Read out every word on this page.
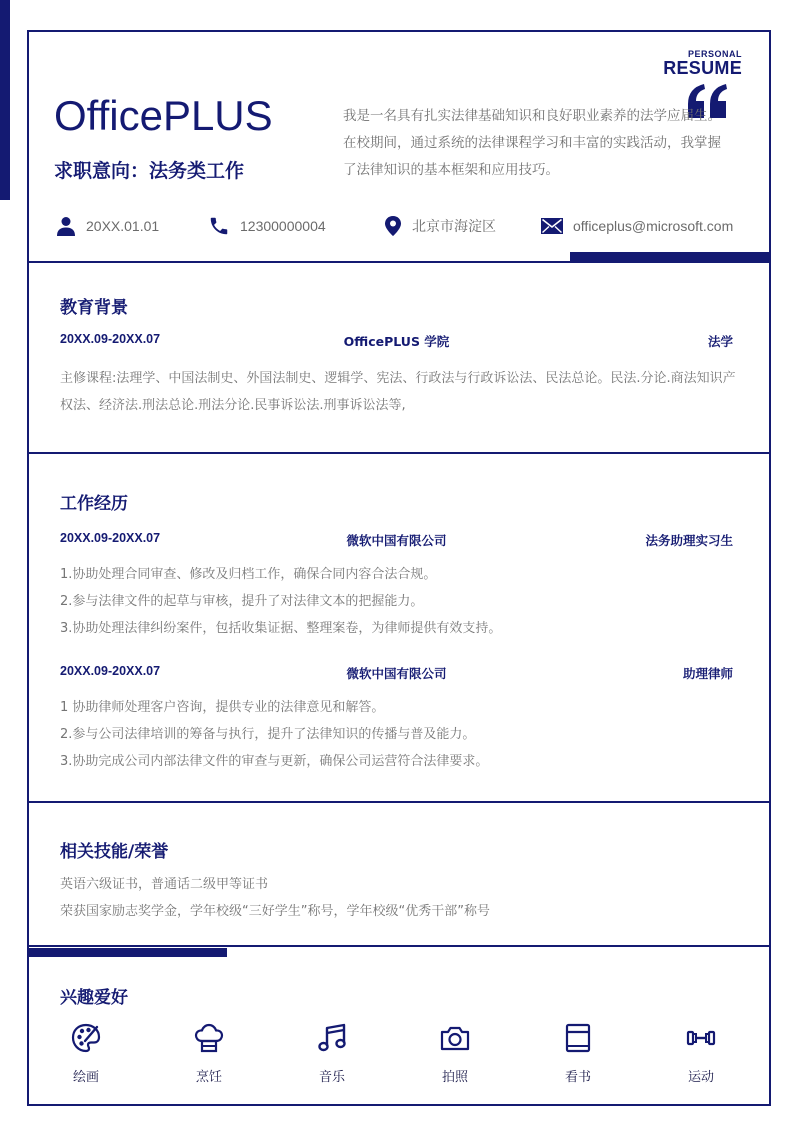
PERSONAL
RESUME
OfficePLUS
求职意向：法务类工作
我是一名具有扎实法律基础知识和良好职业素养的法学应届生。在校期间，通过系统的法律课程学习和丰富的实践活动，我掌握了法律知识的基本框架和应用技巧。
20XX.01.01	12300000004	北京市海淀区	officeplus@microsoft.com
教育背景
20XX.09-20XX.07	OfficePLUS 学院	法学
主修课程:法理学、中国法制史、外国法制史、逻辑学、宪法、行政法与行政诉讼法、民法总论。民法.分论.商法知识产权法、经济法.刑法总论.刑法分论.民事诉讼法.刑事诉讼法等,
工作经历
20XX.09-20XX.07	微软中国有限公司	法务助理实习生
1.协助处理合同审查、修改及归档工作，确保合同内容合法合规。
2.参与法律文件的起草与审核，提升了对法律文本的把握能力。
3.协助处理法律纠纷案件，包括收集证据、整理案卷，为律师提供有效支持。
20XX.09-20XX.07	微软中国有限公司	助理律师
1 协助律师处理客户咨询，提供专业的法律意见和解答。
2.参与公司法律培训的筹备与执行，提升了法律知识的传播与普及能力。
3.协助完成公司内部法律文件的审查与更新，确保公司运营符合法律要求。
相关技能/荣誉
英语六级证书，普通话二级甲等证书
荣获国家励志奖学金，学年校级“三好学生”称号，学年校级“优秀干部”称号
兴趣爱好
绘画	烹饪	音乐	拍照	看书	运动
